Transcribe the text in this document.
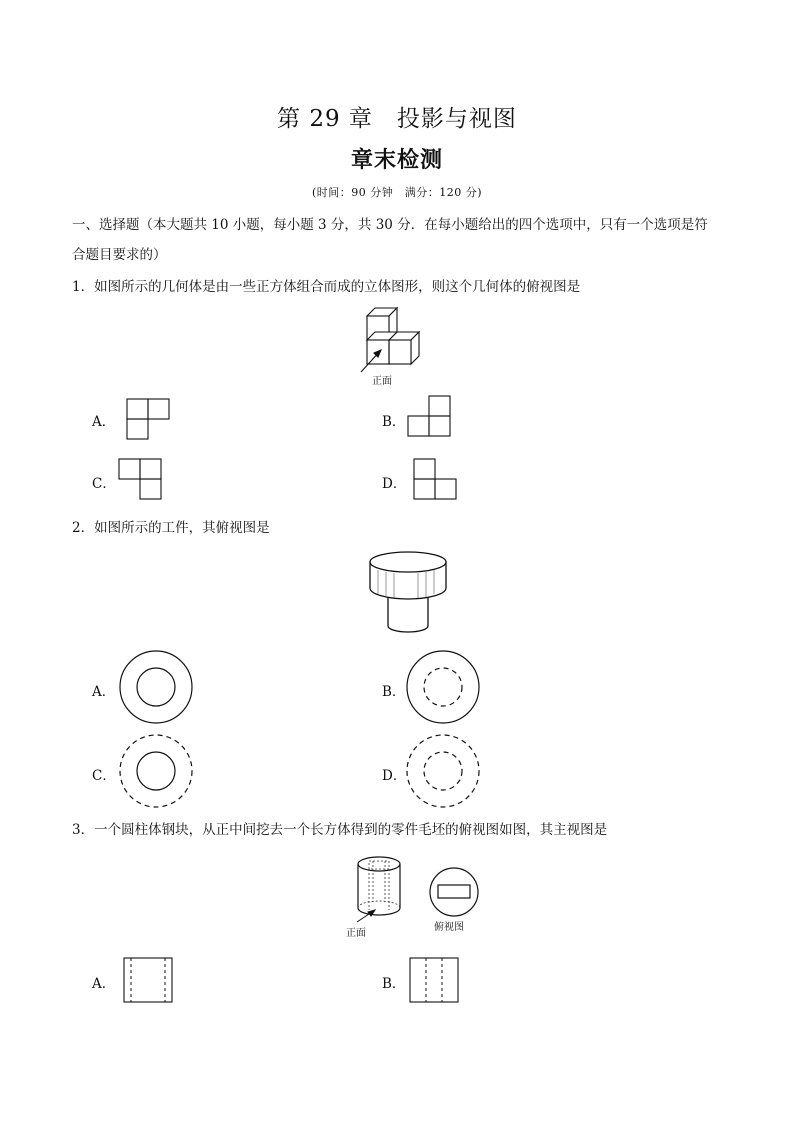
第 29 章　投影与视图
章末检测
(时间：90 分钟　满分：120 分)
一、选择题（本大题共 10 小题，每小题 3 分，共 30 分．在每小题给出的四个选项中，只有一个选项是符
合题目要求的）
1．如图所示的几何体是由一些正方体组合而成的立体图形，则这个几何体的俯视图是
正面
A．	B．
C．	D．
2．如图所示的工件，其俯视图是
A．	B．
C．	D．
3．一个圆柱体钢块，从正中间挖去一个长方体得到的零件毛坯的俯视图如图，其主视图是
正面
俯视图
A．	B．
